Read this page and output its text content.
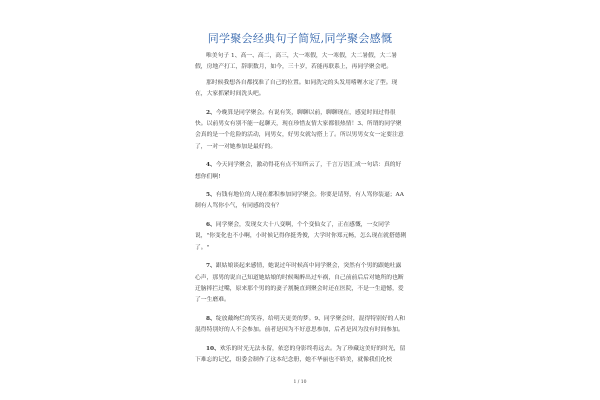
同学聚会经典句子简短,同学聚会感慨

唯美句子 1、高一、高二，高三，大一寒假，大一寒假，大二暑假，大二暑假，房地产打工，辞职数月，如今，三十岁，若能再联系上，再同学聚会吧。

那时候我想各自都找准了自己的位置。如同洗完的头发用嗜喱水定了型。现在，大家抓紧时间洗头吧。

2、今晚算是同学聚会。有说有笑，聊聊以前，聊聊现在，感觉时间过得很快。以前男女有别不能一起聊天，现在珍惜友情大家都很热情！3、所谓的同学聚会真的是一个危险的活动，同男女，好男女就勾搭上了。所以男男女女一定要注意了，一对一对她参加是最好的。

4、今天同学聚会，激动得花有点不知所云了，千言万语汇成一句话：真的好想你们啊!

5、有钱有地位的人现在都积参加同学聚会。你要是请努，有人骂你装逼；AA 制有人骂你小气，有同感的没有？

6、同学聚会，发现女大十八变啊，个个变仙女了，正在感慨，一女同学说，"你变化也不小啊，小时候记得你挺秀俊，大学时你郑元畅，怎么现在就搭德俐了。"

7、跟姑娘谈起来感情，她说过年时候高中同学聚会，突然有个男的跟她吐露心声，那男的说自己知道她姑娘的时候喝醉出过车祸，自己前前后后对她所的也断迁脑摔拦过嘴，原来那个男的的妻子割腕直到聚会时还在医院，不是一生遗憾，爱了一生磨难。

8、绽放戴绚烂的笑容，给明天更美的梦。9、同学聚会时，混得特别好的人和混得特别好的人不会参加。前者是因为不好意思参加，后者是因为没有时间参加。

10、欢乐的时光无法永留，依恋的身影终将远去。为了珍藏这美好的时光，留下难忘的记忆，组委会制作了这本纪念册，她不华丽也不娇美，就像我们化校

1 / 10
